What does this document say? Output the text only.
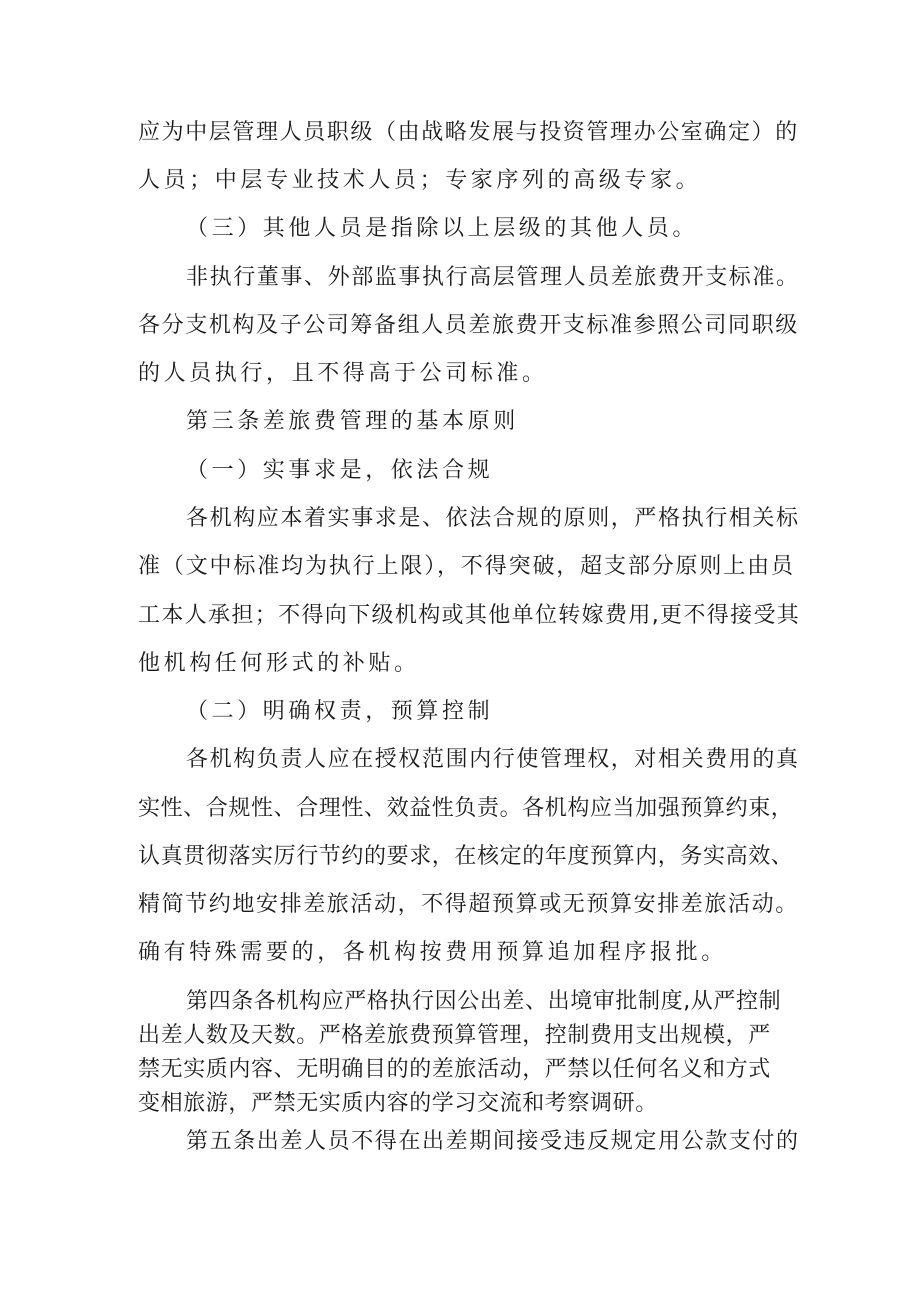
应为中层管理人员职级（由战略发展与投资管理办公室确定）的
人员；中层专业技术人员；专家序列的高级专家。
（三）其他人员是指除以上层级的其他人员。
非执行董事、外部监事执行高层管理人员差旅费开支标准。
各分支机构及子公司筹备组人员差旅费开支标准参照公司同职级
的人员执行，且不得高于公司标准。
第三条差旅费管理的基本原则
（一）实事求是，依法合规
各机构应本着实事求是、依法合规的原则，严格执行相关标
准（文中标准均为执行上限），不得突破，超支部分原则上由员
工本人承担；不得向下级机构或其他单位转嫁费用,更不得接受其
他机构任何形式的补贴。
（二）明确权责，预算控制
各机构负责人应在授权范围内行使管理权，对相关费用的真
实性、合规性、合理性、效益性负责。各机构应当加强预算约束，
认真贯彻落实厉行节约的要求，在核定的年度预算内，务实高效、
精简节约地安排差旅活动，不得超预算或无预算安排差旅活动。
确有特殊需要的，各机构按费用预算追加程序报批。
第四条各机构应严格执行因公出差、出境审批制度,从严控制
出差人数及天数。严格差旅费预算管理，控制费用支出规模，严
禁无实质内容、无明确目的的差旅活动，严禁以任何名义和方式
变相旅游，严禁无实质内容的学习交流和考察调研。
第五条出差人员不得在出差期间接受违反规定用公款支付的
